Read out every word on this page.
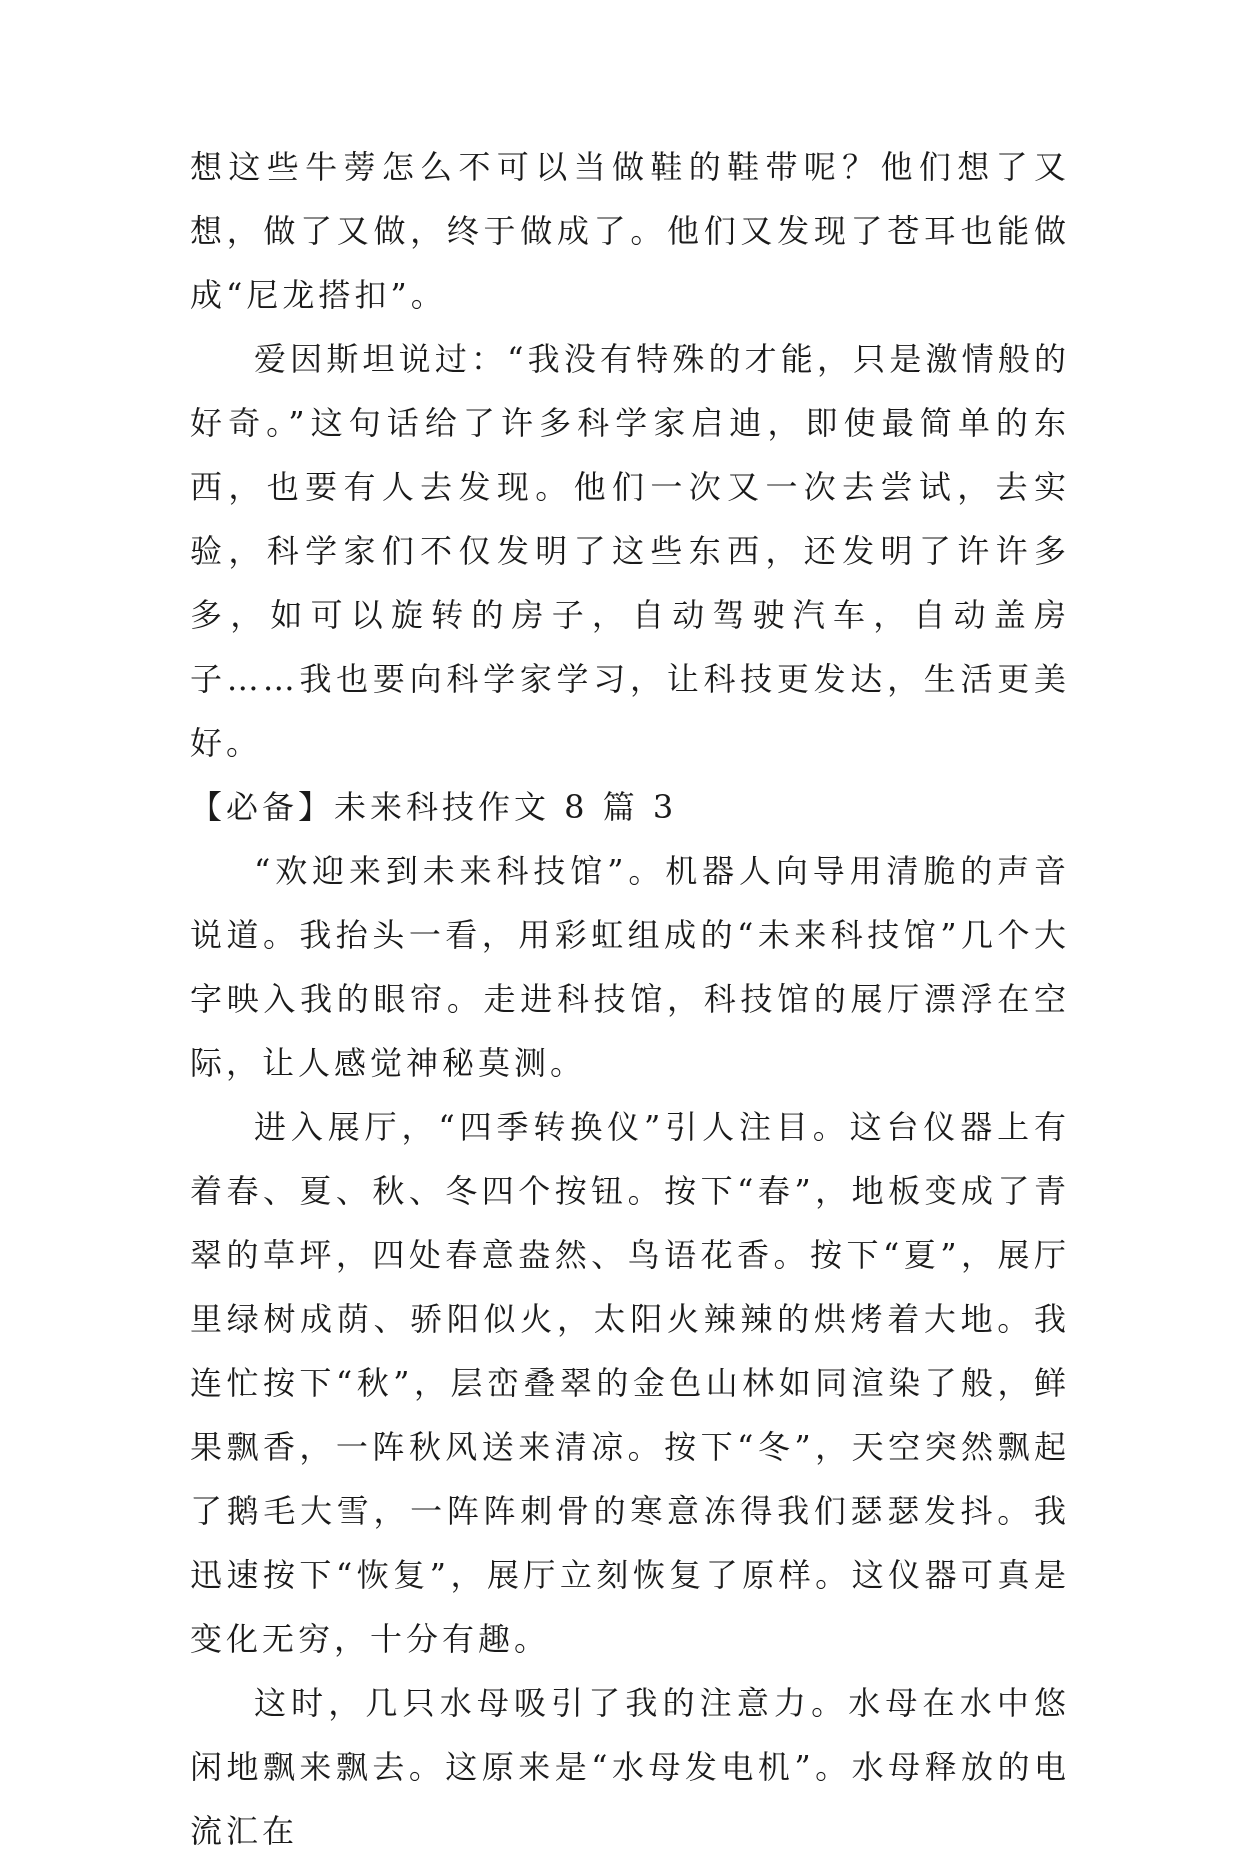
想这些牛蒡怎么不可以当做鞋的鞋带呢？他们想了又想，做了又做，终于做成了。他们又发现了苍耳也能做成“尼龙搭扣”。

爱因斯坦说过：“我没有特殊的才能，只是激情般的好奇。”这句话给了许多科学家启迪，即使最简单的东西，也要有人去发现。他们一次又一次去尝试，去实验，科学家们不仅发明了这些东西，还发明了许许多多，如可以旋转的房子，自动驾驶汽车，自动盖房子……我也要向科学家学习，让科技更发达，生活更美好。

【必备】未来科技作文 8 篇 3

“欢迎来到未来科技馆”。机器人向导用清脆的声音说道。我抬头一看，用彩虹组成的“未来科技馆”几个大字映入我的眼帘。走进科技馆，科技馆的展厅漂浮在空际，让人感觉神秘莫测。

进入展厅，“四季转换仪”引人注目。这台仪器上有着春、夏、秋、冬四个按钮。按下“春”，地板变成了青翠的草坪，四处春意盎然、鸟语花香。按下“夏”，展厅里绿树成荫、骄阳似火，太阳火辣辣的烘烤着大地。我连忙按下“秋”，层峦叠翠的金色山林如同渲染了般，鲜果飘香，一阵秋风送来清凉。按下“冬”，天空突然飘起了鹅毛大雪，一阵阵刺骨的寒意冻得我们瑟瑟发抖。我迅速按下“恢复”，展厅立刻恢复了原样。这仪器可真是变化无穷，十分有趣。

这时，几只水母吸引了我的注意力。水母在水中悠闲地飘来飘去。这原来是“水母发电机”。水母释放的电流汇在
